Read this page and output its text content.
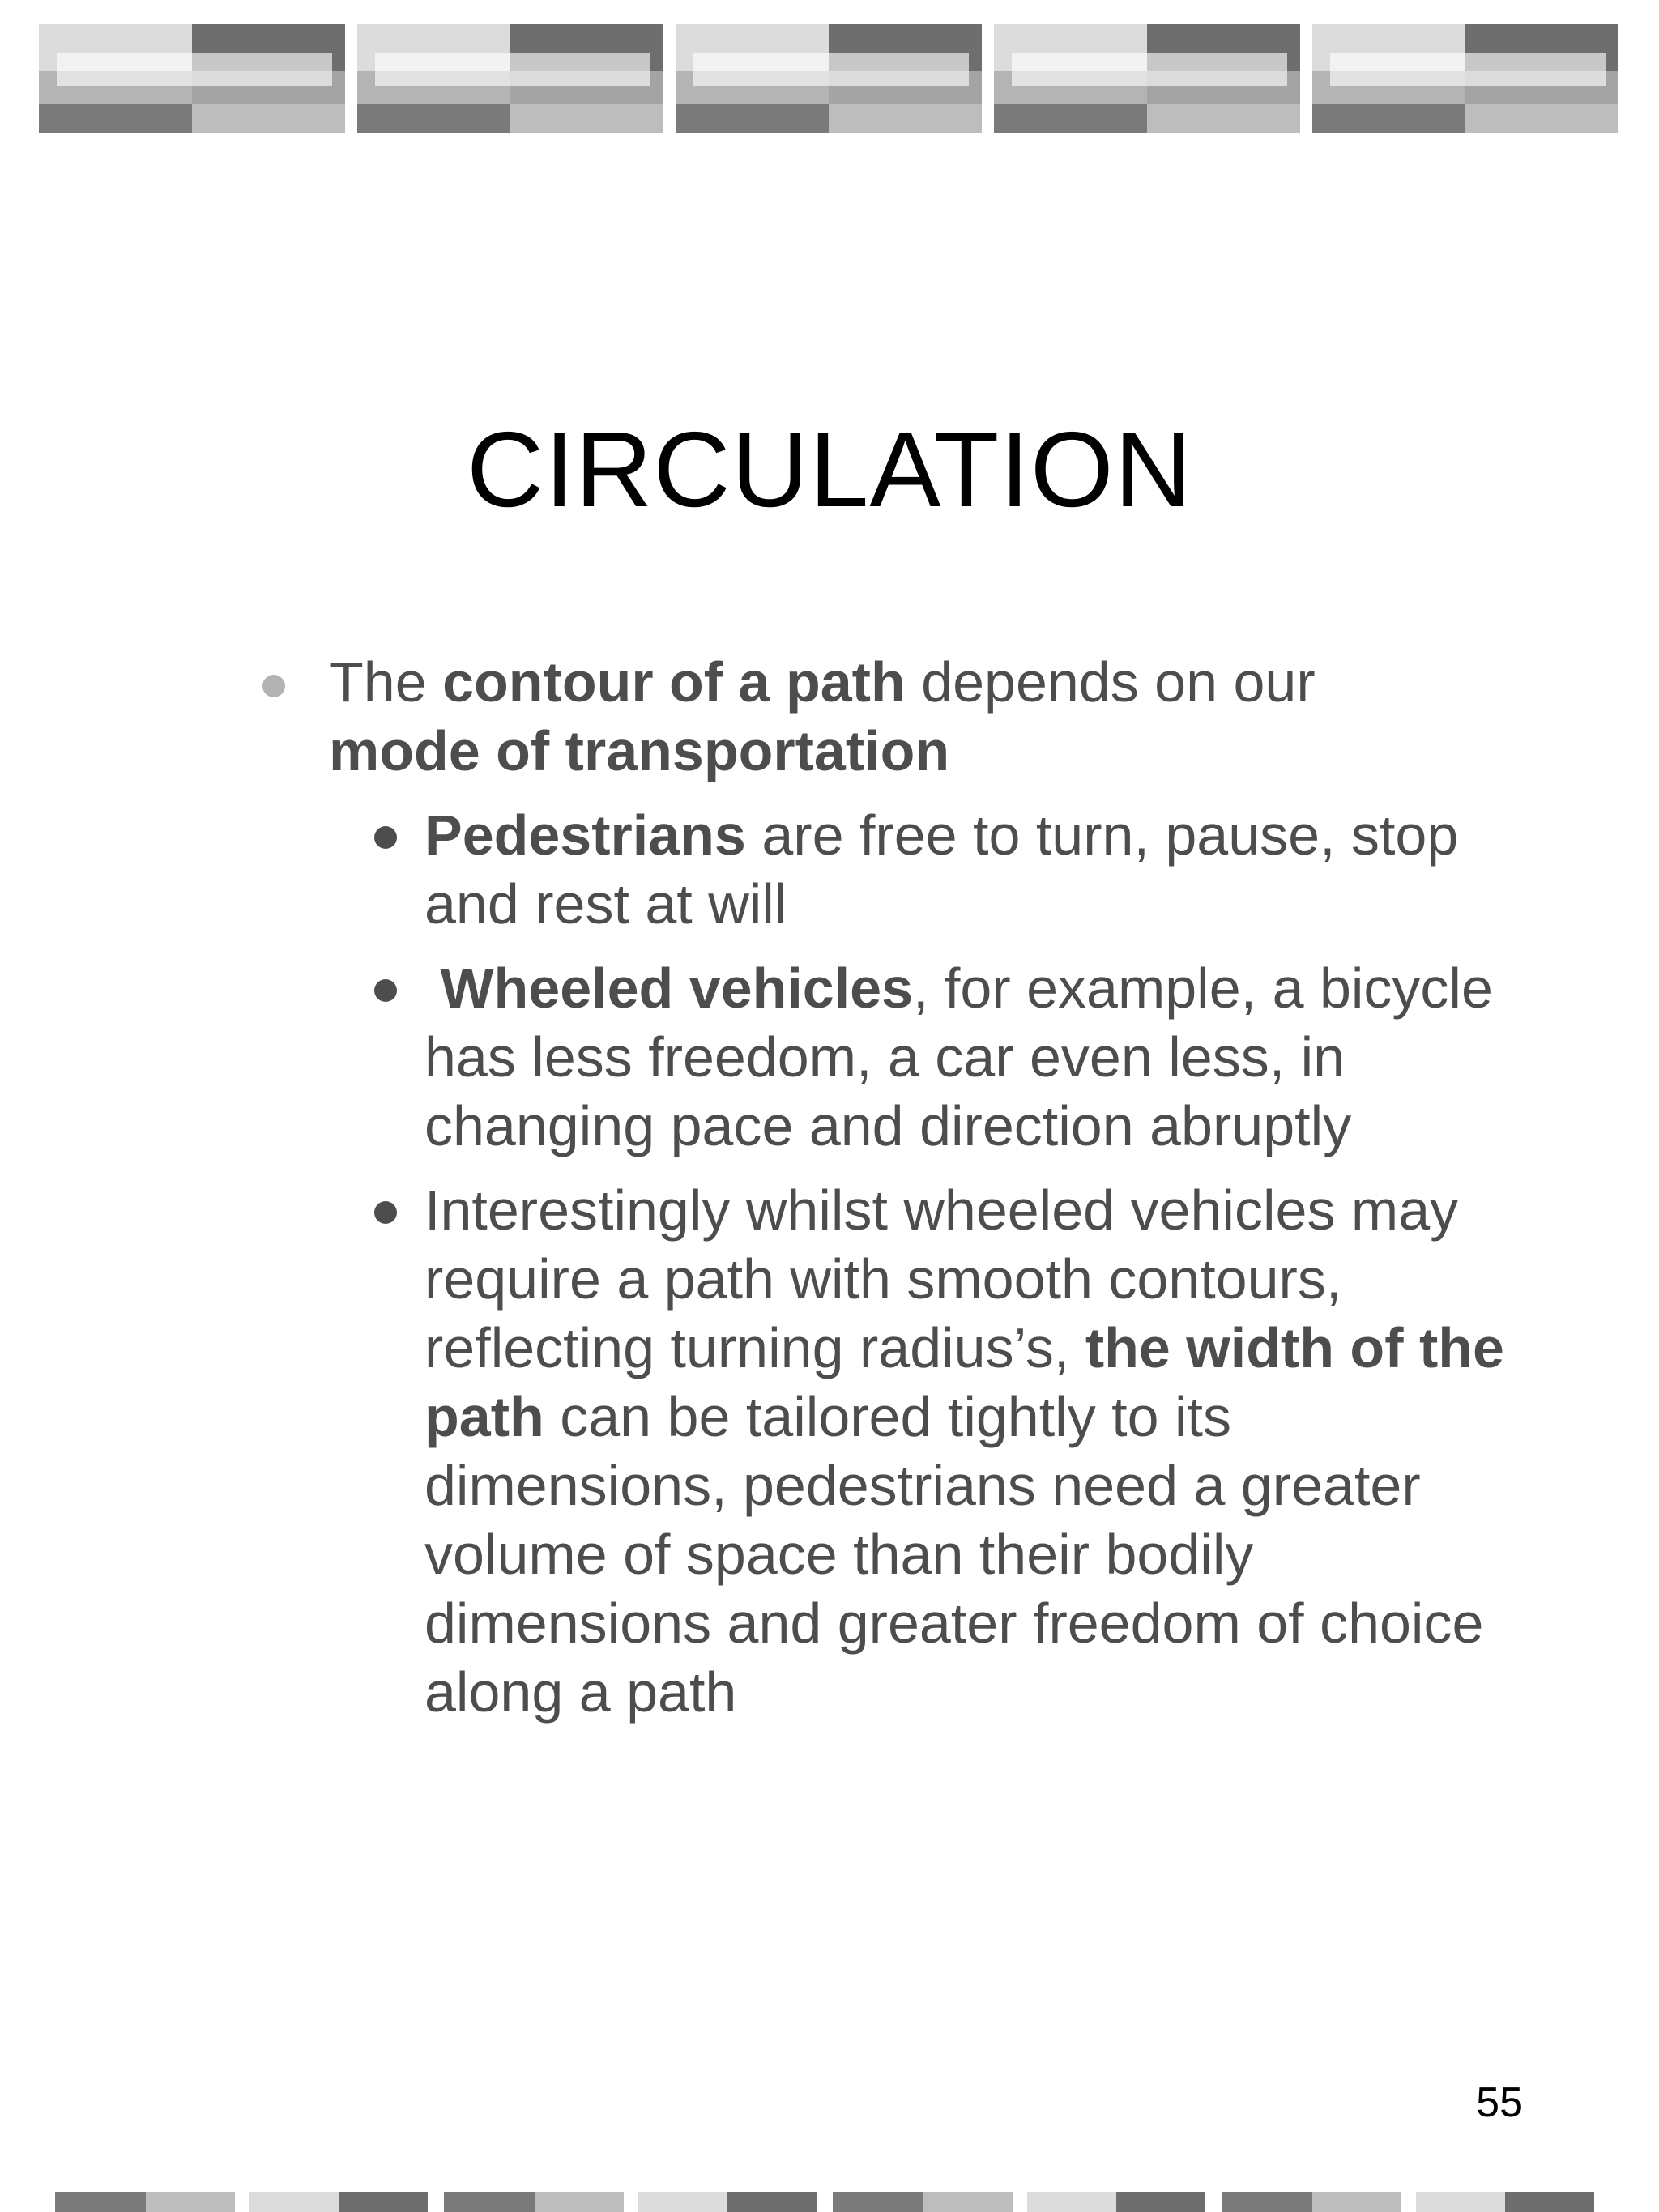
CIRCULATION
The contour of a path depends on our
mode of transportation
Pedestrians are free to turn, pause, stop and rest at will
Wheeled vehicles, for example, a bicycle has less freedom, a car even less, in changing pace and direction abruptly
Interestingly whilst wheeled vehicles may require a path with smooth contours, reflecting turning radius’s, the width of the path can be tailored tightly to its dimensions, pedestrians need a greater volume of space than their bodily dimensions and greater freedom of choice along a path
55
